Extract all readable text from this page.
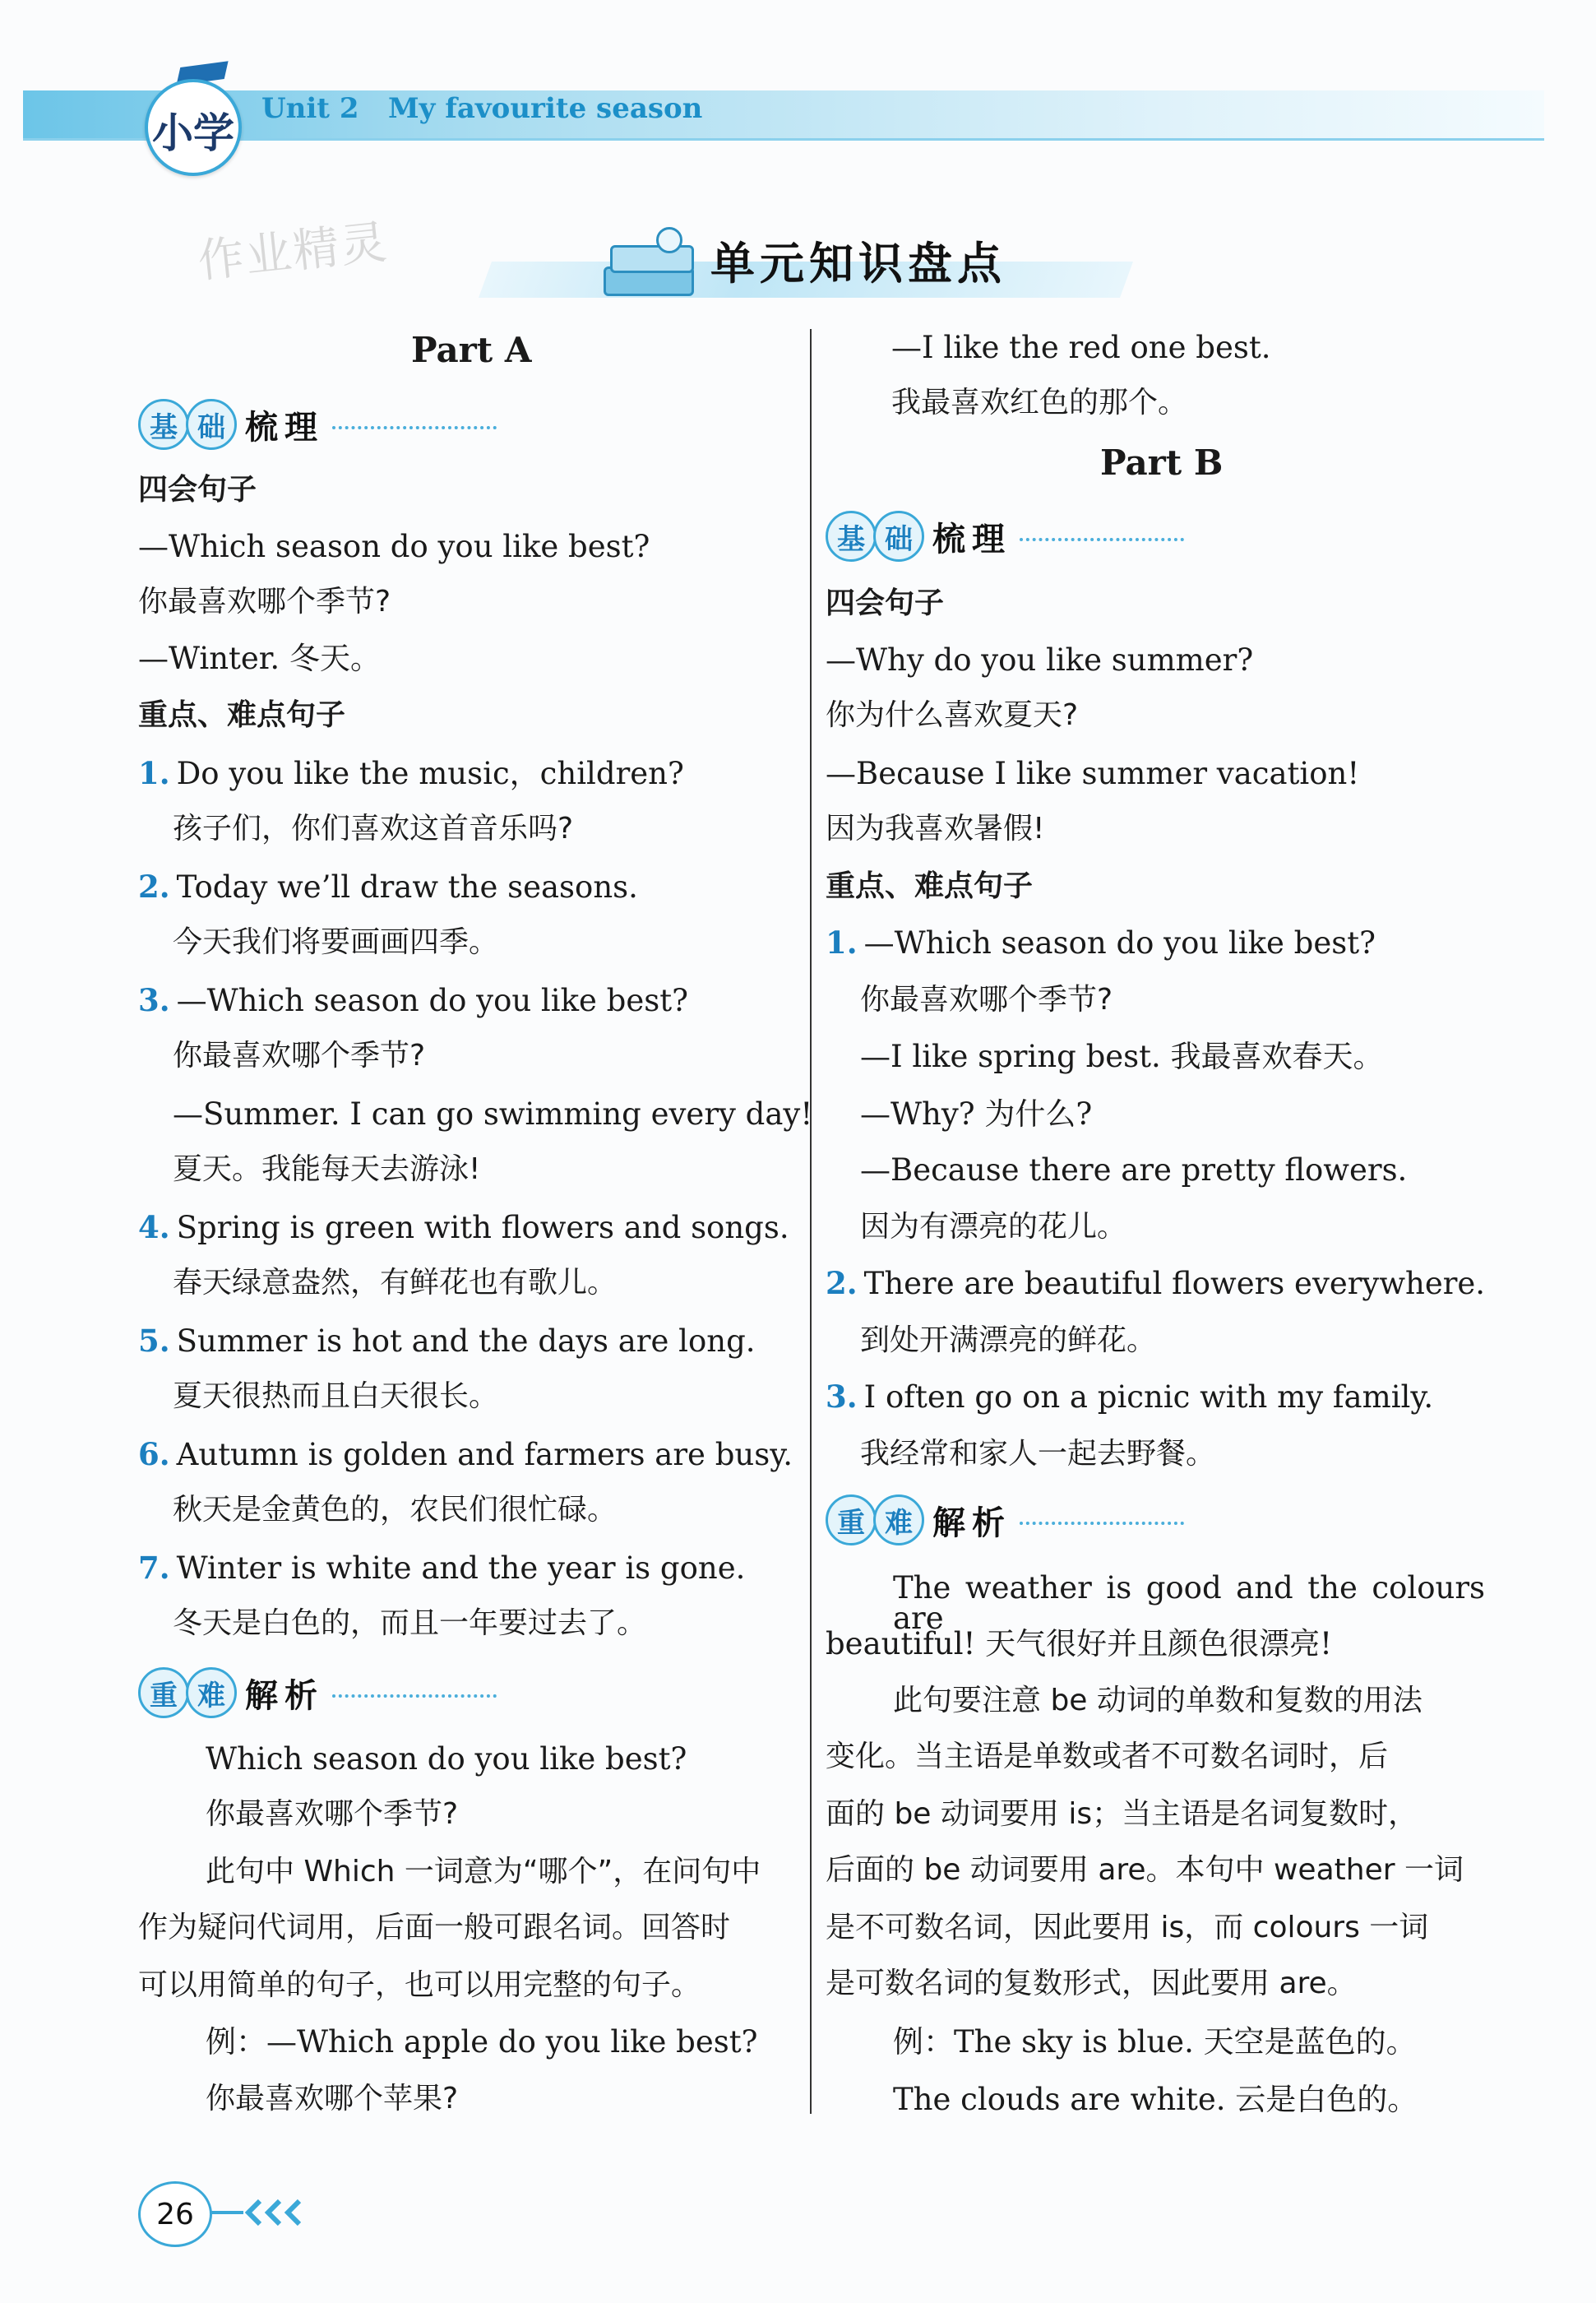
小学
Unit 2 My favourite season
作业精灵	单元知识盘点
Part A
基 础 梳理
四会句子
—Which season do you like best?
你最喜欢哪个季节?
—Winter. 冬天。
重点、难点句子
1. Do you like the music，children?
孩子们，你们喜欢这首音乐吗?
2. Today we’ll draw the seasons.
今天我们将要画画四季。
3. —Which season do you like best?
你最喜欢哪个季节?
—Summer. I can go swimming every day!
夏天。我能每天去游泳!
4. Spring is green with flowers and songs.
春天绿意盎然，有鲜花也有歌儿。
5. Summer is hot and the days are long.
夏天很热而且白天很长。
6. Autumn is golden and farmers are busy.
秋天是金黄色的，农民们很忙碌。
7. Winter is white and the year is gone.
冬天是白色的，而且一年要过去了。
重 难 解析
Which season do you like best?
你最喜欢哪个季节?
此句中 Which 一词意为“哪个”，在问句中
作为疑问代词用，后面一般可跟名词。回答时
可以用简单的句子，也可以用完整的句子。
例：—Which apple do you like best?
你最喜欢哪个苹果?
—I like the red one best.
我最喜欢红色的那个。
Part B
基 础 梳理
四会句子
—Why do you like summer?
你为什么喜欢夏天?
—Because I like summer vacation!
因为我喜欢暑假!
重点、难点句子
1. —Which season do you like best?
你最喜欢哪个季节?
—I like spring best. 我最喜欢春天。
—Why? 为什么?
—Because there are pretty flowers.
因为有漂亮的花儿。
2. There are beautiful flowers everywhere.
到处开满漂亮的鲜花。
3. I often go on a picnic with my family.
我经常和家人一起去野餐。
重 难 解析
The weather is good and the colours are
beautiful! 天气很好并且颜色很漂亮!
此句要注意 be 动词的单数和复数的用法
变化。当主语是单数或者不可数名词时，后
面的 be 动词要用 is；当主语是名词复数时，
后面的 be 动词要用 are。本句中 weather 一词
是不可数名词，因此要用 is，而 colours 一词
是可数名词的复数形式，因此要用 are。
例：The sky is blue. 天空是蓝色的。
The clouds are white. 云是白色的。
26
